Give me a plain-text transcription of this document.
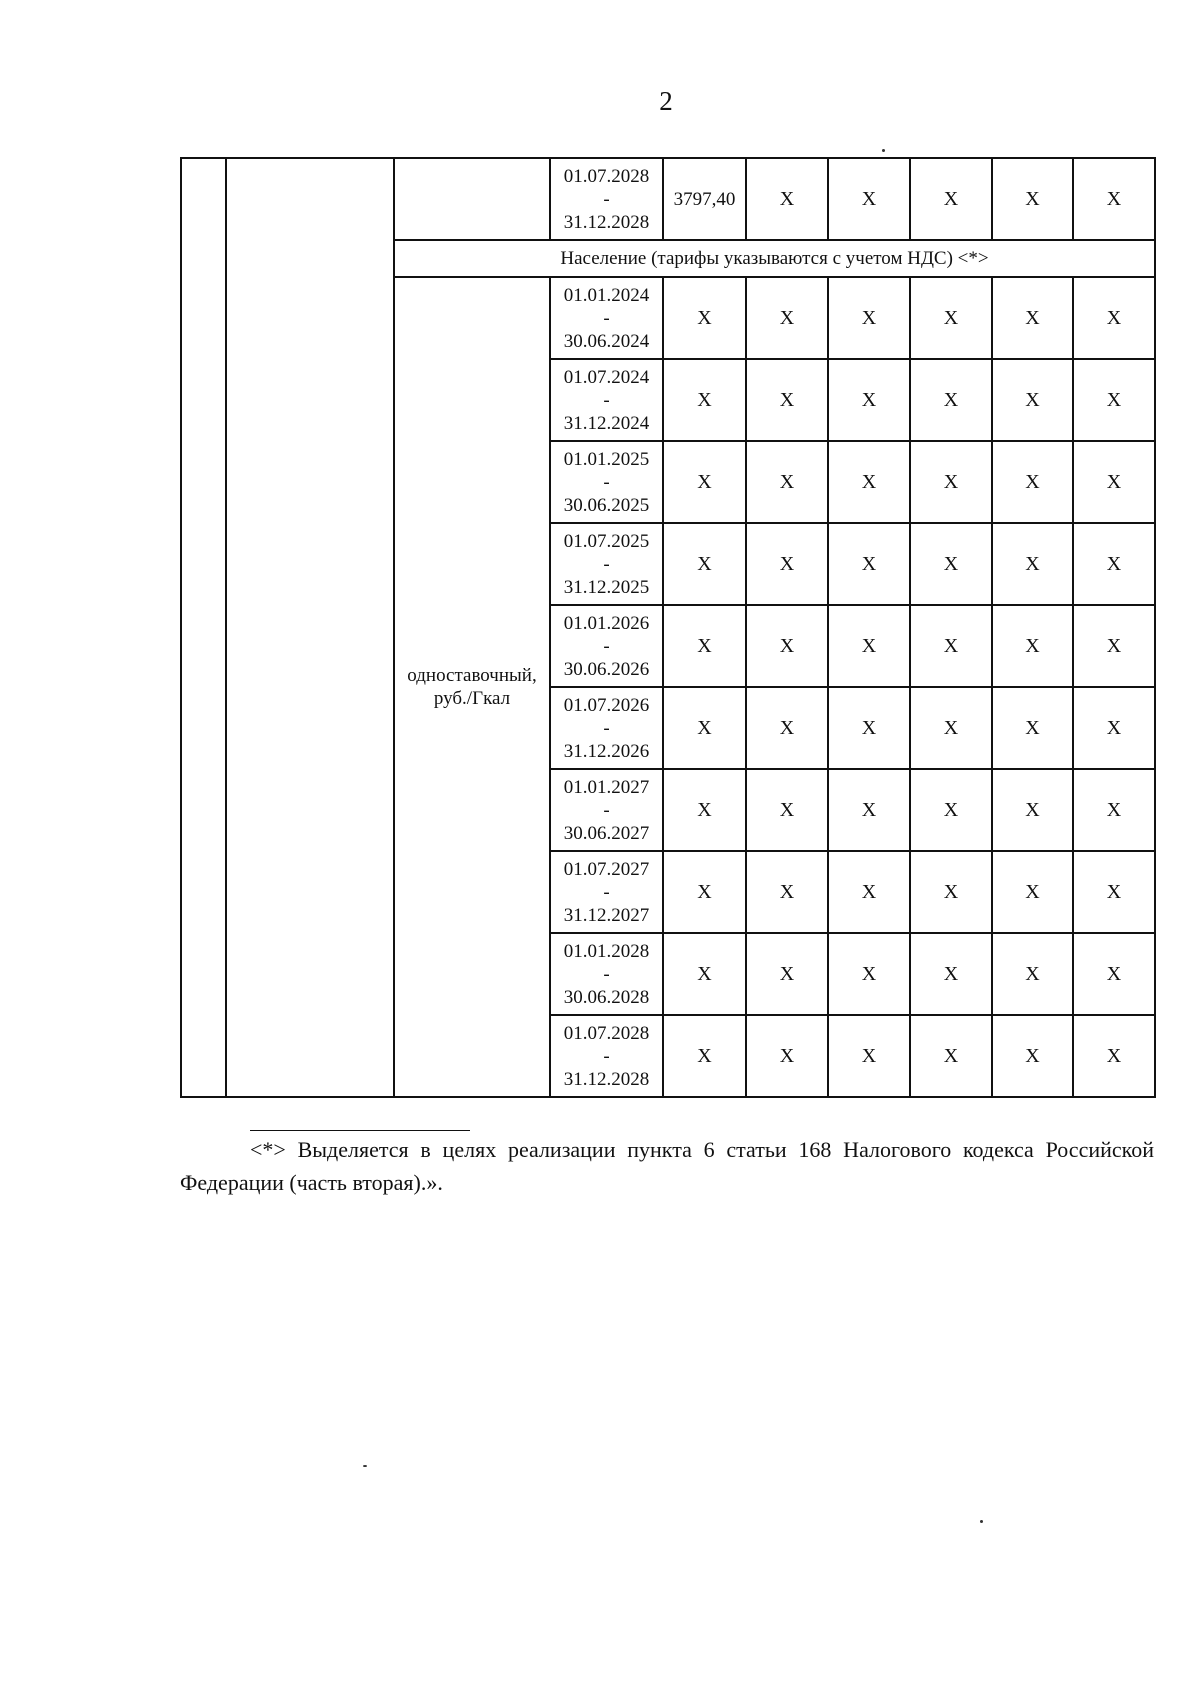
2
			01.07.2028
-
31.12.2028	3797,40	X	X	X	X	X
		Население (тарифы указываются с учетом НДС) <*>							
		одноставочный, руб./Гкал	01.01.2024
-
30.06.2024	X	X	X	X	X	X
			01.07.2024
-
31.12.2024	X	X	X	X	X	X
			01.01.2025
-
30.06.2025	X	X	X	X	X	X
			01.07.2025
-
31.12.2025	X	X	X	X	X	X
			01.01.2026
-
30.06.2026	X	X	X	X	X	X
			01.07.2026
-
31.12.2026	X	X	X	X	X	X
			01.01.2027
-
30.06.2027	X	X	X	X	X	X
			01.07.2027
-
31.12.2027	X	X	X	X	X	X
			01.01.2028
-
30.06.2028	X	X	X	X	X	X
			01.07.2028
-
31.12.2028	X	X	X	X	X	X
<*> Выделяется в целях реализации пункта 6 статьи 168 Налогового кодекса Российской Федерации (часть вторая).».
